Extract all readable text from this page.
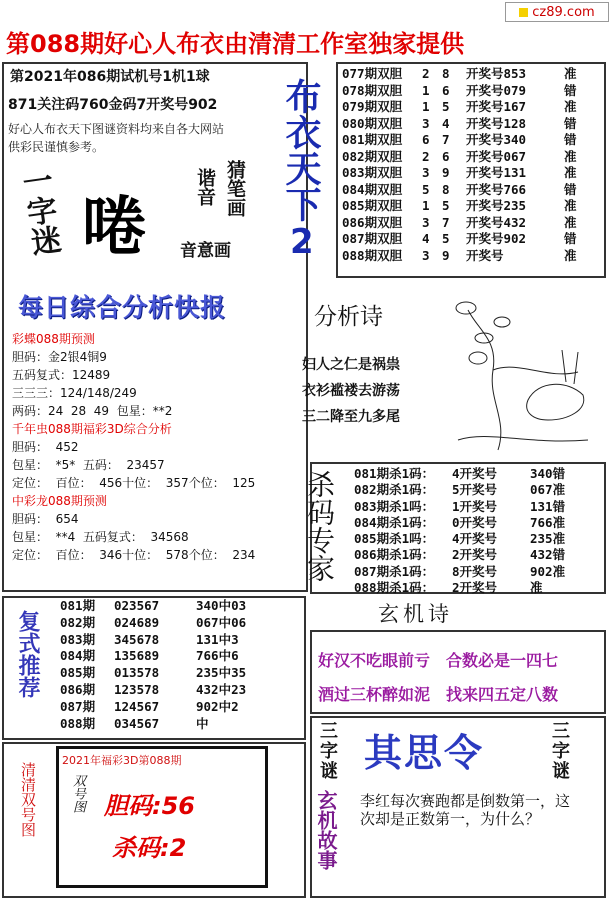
cz89.com
第088期好心人布衣由清清工作室独家提供
第2021年086期试机号1机1球
871关注码760金码7开奖号902
好心人布衣天下图谜资料均来自各大网站
供彩民谨慎参考。
一字迷 啳
谐音 猜笔画
音意画
布衣天下
2
每日综合分析快报
彩蝶088期预测
胆码：金2银4铜9
五码复式：12489
三三三：124/148/249
两码：24  28  49  包星：**2
千年虫088期福彩3D综合分析
胆码：  452
包星：  *5*  五码：  23457
定位：  百位：  456十位：  357个位：  125
中彩龙088期预测
胆码：  654
包星：  **4  五码复式：  34568
定位：  百位：  346十位：  578个位：  234
077期双胆	2 8	开奖号853	准
078期双胆	1 6	开奖号079	错
079期双胆	1 5	开奖号167	准
080期双胆	3 4	开奖号128	错
081期双胆	6 7	开奖号340	错
082期双胆	2 6	开奖号067	准
083期双胆	3 9	开奖号131	准
084期双胆	5 8	开奖号766	错
085期双胆	1 5	开奖号235	准
086期双胆	3 7	开奖号432	准
087期双胆	4 5	开奖号902	错
088期双胆	3 9	开奖号	准
分析诗
妇人之仁是祸祟
衣衫褴褛去游荡
三二降至九多尾
杀码专家 081期杀1码：	4开奖号	340错
082期杀1码：	5开奖号	067准
083期杀1吗：	1开奖号	131错
084期杀1码：	0开奖号	766准
085期杀1吗：	4开奖号	235准
086期杀1码：	2开奖号	432错
087期杀1码：	8开奖号	902准
088期杀1码：	2开奖号	准
玄机诗
好汉不吃眼前亏　合数必是一四七
酒过三杯醉如泥　找来四五定八数
复式推荐
081期	023567	340中03
082期	024689	067中06
083期	345678	131中3
084期	135689	766中6
085期	013578	235中35
086期	123578	432中23
087期	124567	902中2
088期	034567	中
清清双号图
2021年福彩3D第088期
双号图 胆码:56
杀码:2
三字谜 其思令	三字谜
玄机故事 李红每次赛跑都是倒数第一，这次却是正数第一，为什么？
